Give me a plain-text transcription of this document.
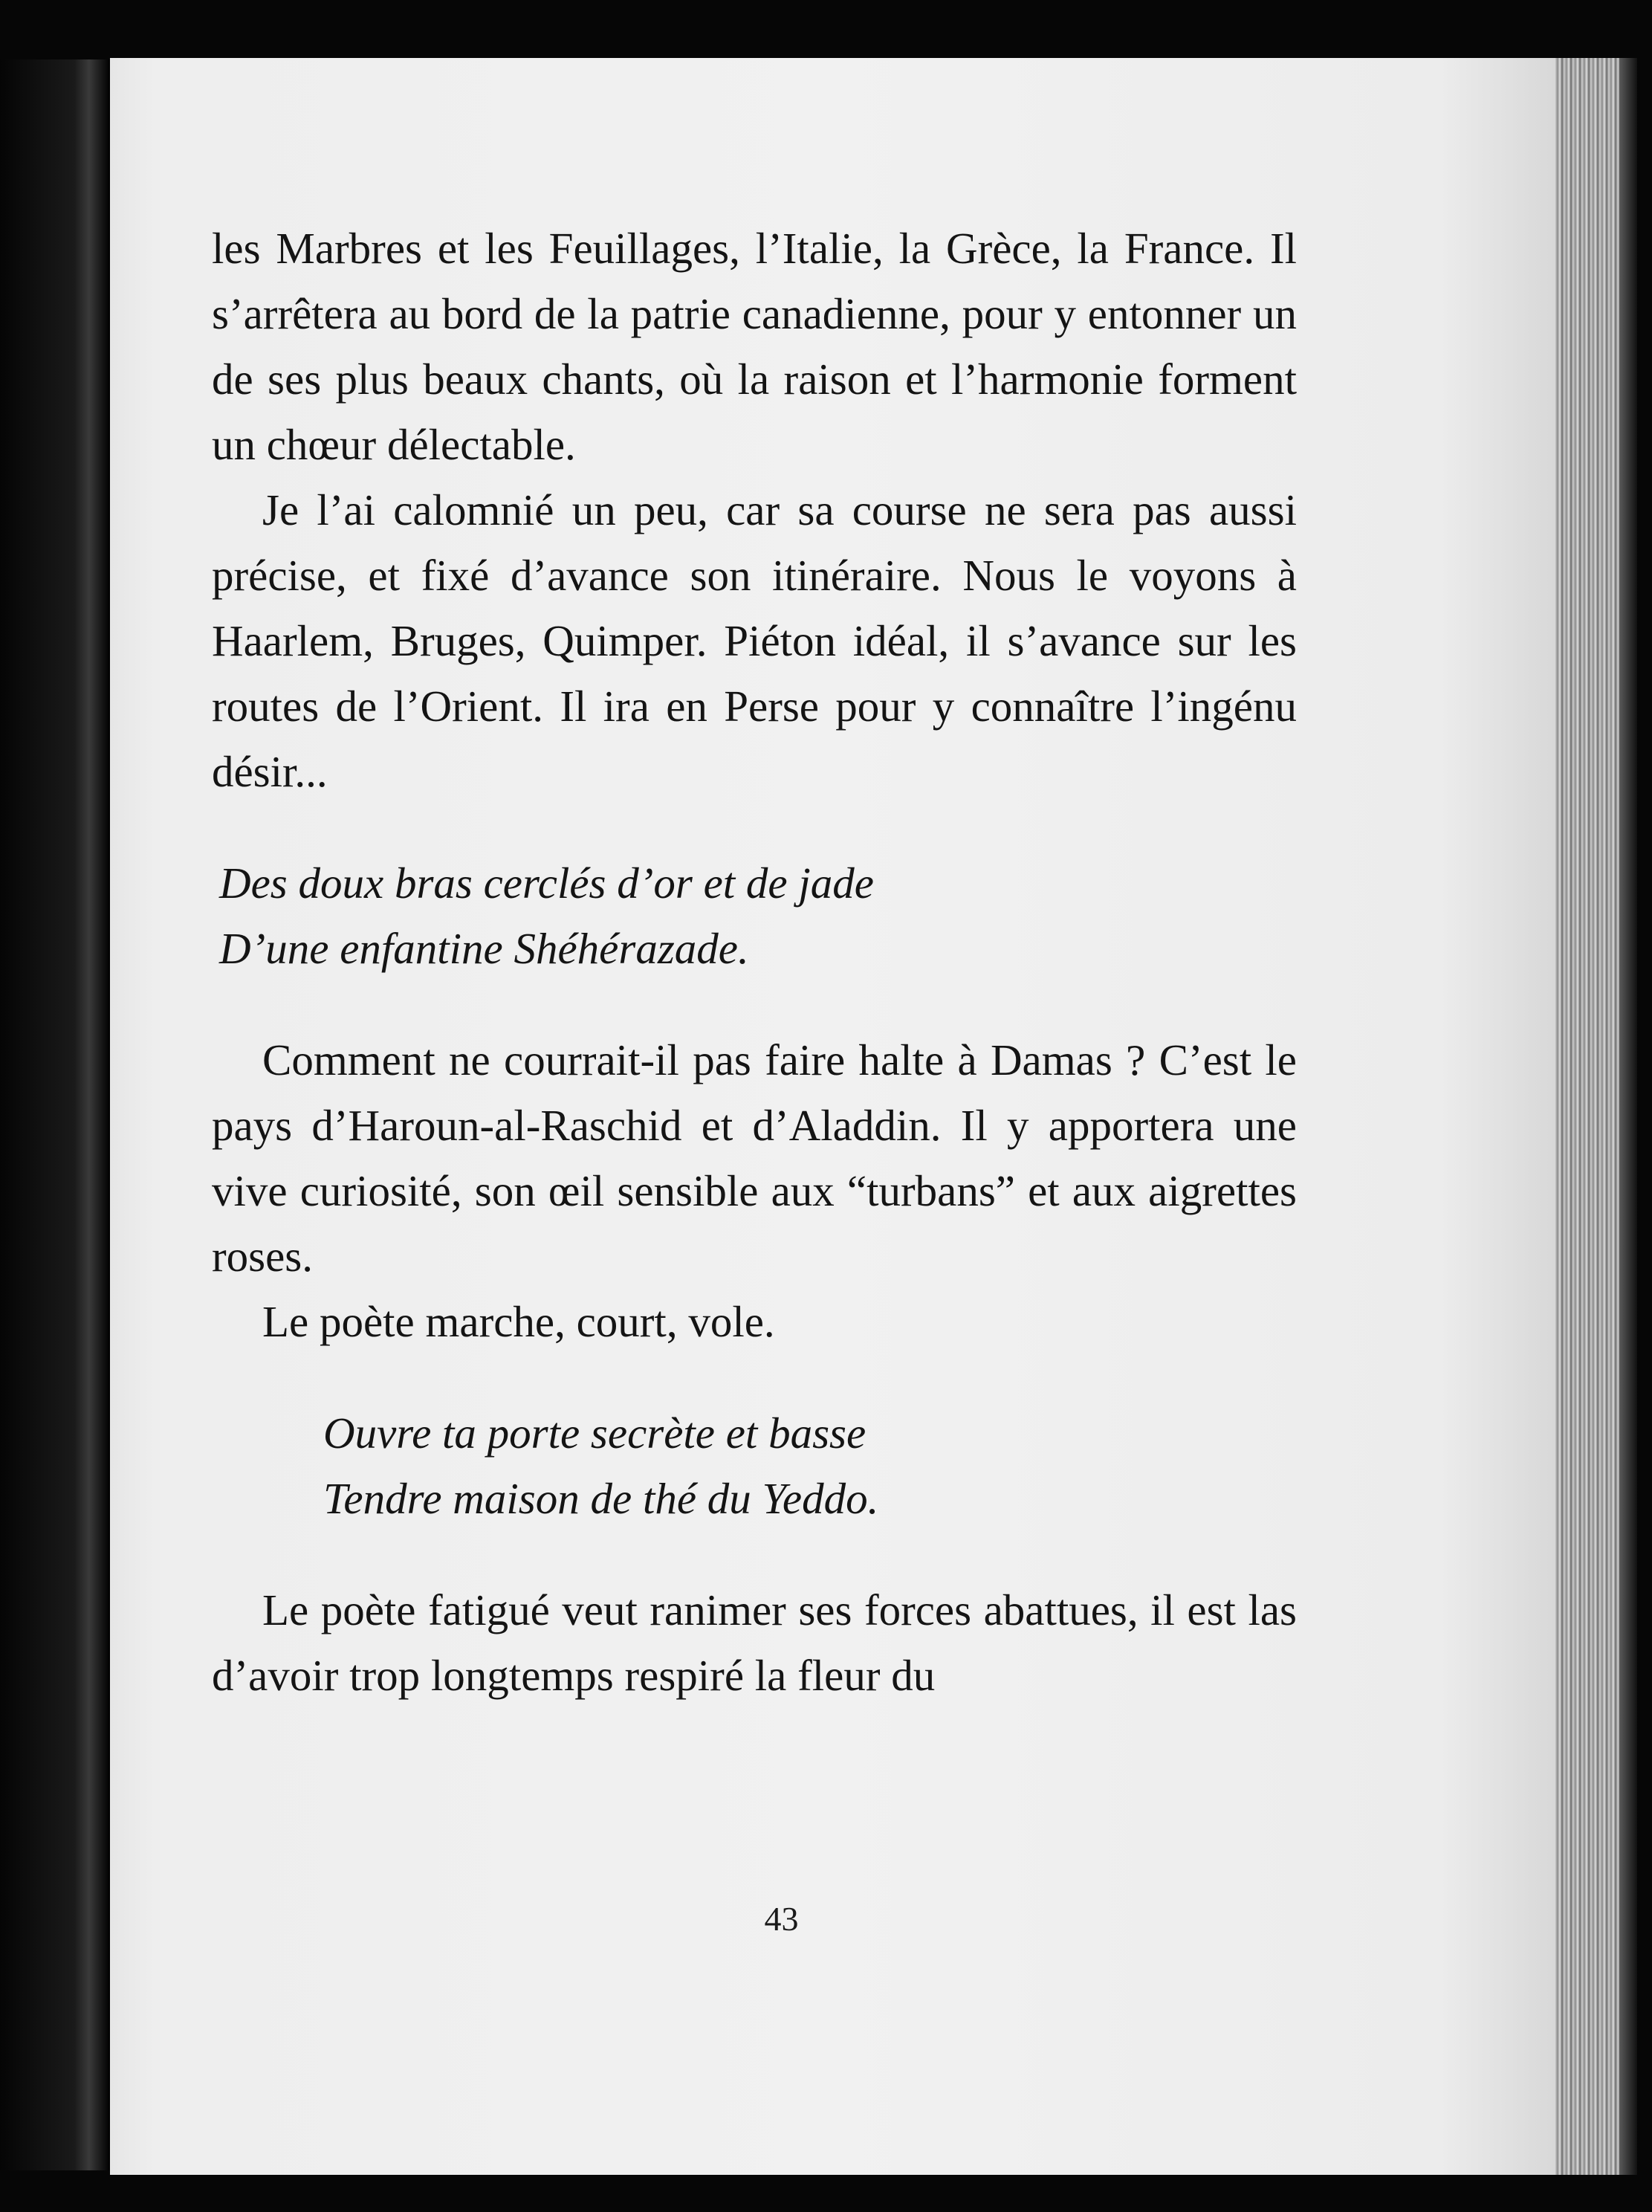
les Marbres et les Feuillages, l’Italie, la Grèce, la France. Il s’arrêtera au bord de la patrie canadienne, pour y entonner un de ses plus beaux chants, où la raison et l’harmonie forment un chœur délectable.

Je l’ai calomnié un peu, car sa course ne sera pas aussi précise, et fixé d’avance son itinéraire. Nous le voyons à Haarlem, Bruges, Quimper. Piéton idéal, il s’avance sur les routes de l’Orient. Il ira en Perse pour y connaître l’ingénu désir...

Des doux bras cerclés d’or et de jade

D’une enfantine Shéhérazade.

Comment ne courrait-il pas faire halte à Damas ? C’est le pays d’Haroun-al-Raschid et d’Aladdin. Il y apportera une vive curiosité, son œil sensible aux “turbans” et aux aigrettes roses.

Le poète marche, court, vole.

Ouvre ta porte secrète et basse

Tendre maison de thé du Yeddo.

Le poète fatigué veut ranimer ses forces abattues, il est las d’avoir trop longtemps respiré la fleur du

43
